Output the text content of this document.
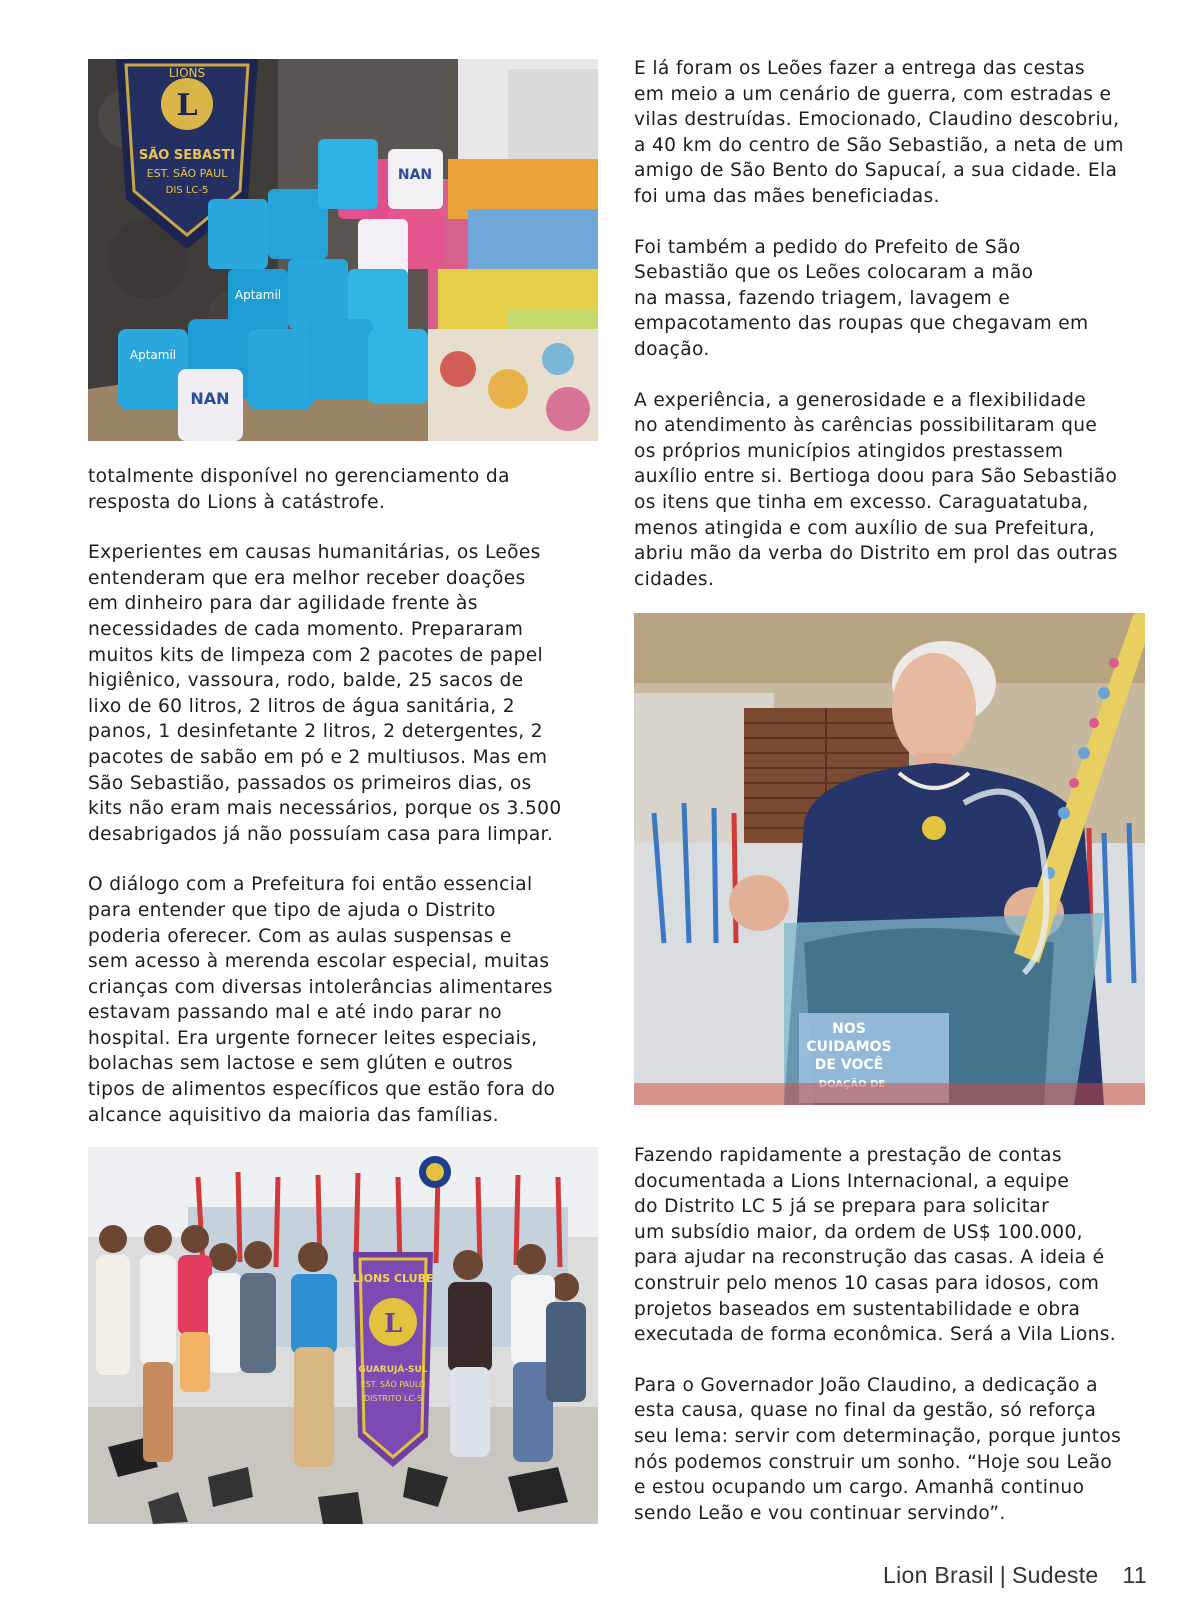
L
LIONS
SÃO SEBASTI
EST. SÃO PAUL
DIS LC-5
Aptamil
NAN
Aptamil
NAN

totalmente disponível no gerenciamento da
resposta do Lions à catástrofe.

Experientes em causas humanitárias, os Leões
entenderam que era melhor receber doações
em dinheiro para dar agilidade frente às
necessidades de cada momento. Prepararam
muitos kits de limpeza com 2 pacotes de papel
higiênico, vassoura, rodo, balde, 25 sacos de
lixo de 60 litros, 2 litros de água sanitária, 2
panos, 1 desinfetante 2 litros, 2 detergentes, 2
pacotes de sabão em pó e 2 multiusos. Mas em
São Sebastião, passados os primeiros dias, os
kits não eram mais necessários, porque os 3.500
desabrigados já não possuíam casa para limpar.

O diálogo com a Prefeitura foi então essencial
para entender que tipo de ajuda o Distrito
poderia oferecer. Com as aulas suspensas e
sem acesso à merenda escolar especial, muitas
crianças com diversas intolerâncias alimentares
estavam passando mal e até indo parar no
hospital. Era urgente fornecer leites especiais,
bolachas sem lactose e sem glúten e outros
tipos de alimentos específicos que estão fora do
alcance aquisitivo da maioria das famílias.

L
LIONS CLUBE
GUARUJÁ-SUL
EST. SÃO PAULO
DISTRITO LC-5

E lá foram os Leões fazer a entrega das cestas
em meio a um cenário de guerra, com estradas e
vilas destruídas. Emocionado, Claudino descobriu,
a 40 km do centro de São Sebastião, a neta de um
amigo de São Bento do Sapucaí, a sua cidade. Ela
foi uma das mães beneficiadas.

Foi também a pedido do Prefeito de São
Sebastião que os Leões colocaram a mão
na massa, fazendo triagem, lavagem e
empacotamento das roupas que chegavam em
doação.

A experiência, a generosidade e a flexibilidade
no atendimento às carências possibilitaram que
os próprios municípios atingidos prestassem
auxílio entre si. Bertioga doou para São Sebastião
os itens que tinha em excesso. Caraguatatuba,
menos atingida e com auxílio de sua Prefeitura,
abriu mão da verba do Distrito em prol das outras
cidades.

NOS
CUIDAMOS
DE VOCÊ

Fazendo rapidamente a prestação de contas
documentada a Lions Internacional, a equipe
do Distrito LC 5 já se prepara para solicitar
um subsídio maior, da ordem de US$ 100.000,
para ajudar na reconstrução das casas. A ideia é
construir pelo menos 10 casas para idosos, com
projetos baseados em sustentabilidade e obra
executada de forma econômica. Será a Vila Lions.

Para o Governador João Claudino, a dedicação a
esta causa, quase no final da gestão, só reforça
seu lema: servir com determinação, porque juntos
nós podemos construir um sonho. “Hoje sou Leão
e estou ocupando um cargo. Amanhã continuo
sendo Leão e vou continuar servindo”.

Lion Brasil | Sudeste 11
